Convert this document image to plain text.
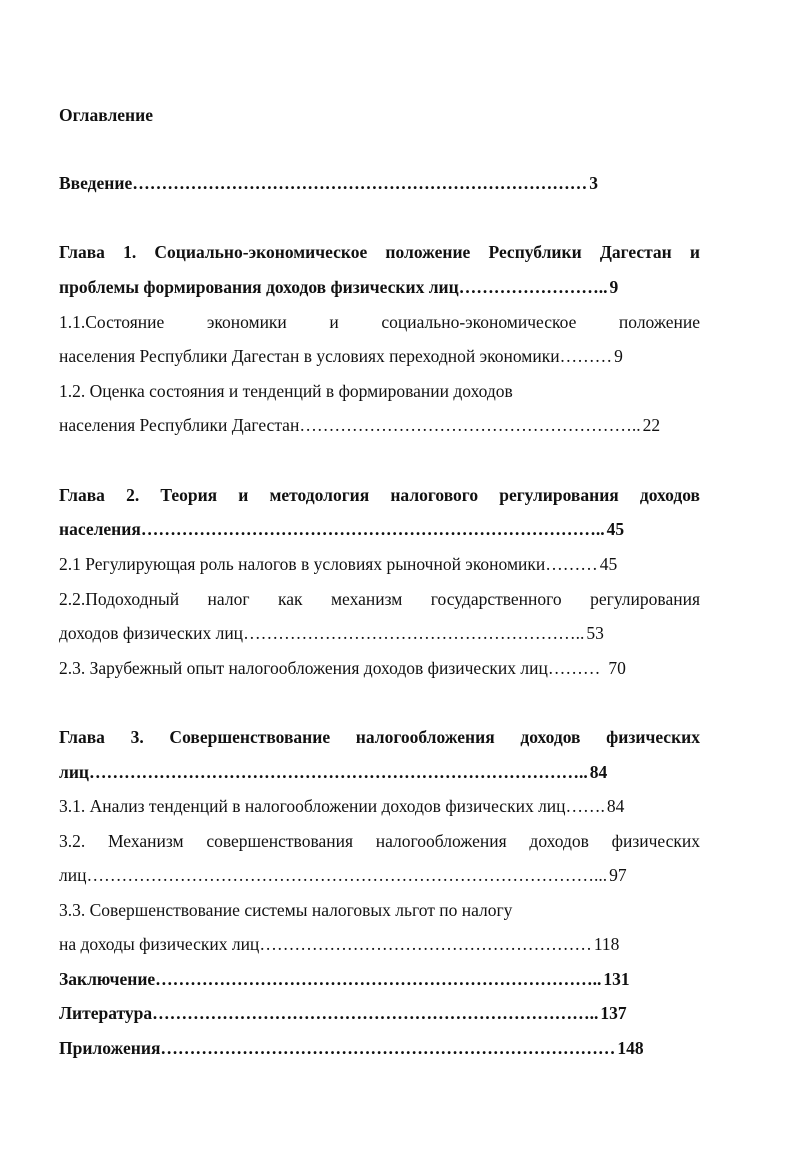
Оглавление
Введение…………………………………………………………………… 3
Глава 1. Социально-экономическое положение Республики Дагестан и
проблемы формирования доходов физических лиц…………………….. 9
1.1.Состояние экономики и социально-экономическое положение
населения Республики Дагестан в условиях переходной экономики……… 9
1.2. Оценка состояния и тенденций в формировании доходов
населения Республики Дагестан………………………………………………….. 22
Глава 2. Теория и методология налогового регулирования доходов
населения…………………………………………………………………….. 45
2.1 Регулирующая роль налогов в условиях рыночной экономики……… 45
2.2.Подоходный налог как механизм государственного регулирования
доходов физических лиц………………………………………………….. 53
2.3. Зарубежный опыт налогообложения доходов физических лиц……… 70
Глава 3. Совершенствование налогообложения доходов физических
лиц………………………………………………………………………….. 84
3.1. Анализ тенденций в налогообложении доходов физических лиц……. 84
3.2. Механизм совершенствования налогообложения доходов физических
лиц……………………………………………………………………………... 97
3.3. Совершенствование системы налоговых льгот по налогу
на доходы физических лиц………………………………………………… 118
Заключение………………………………………………………………….. 131
Литература………………………………………………………………….. 137
Приложения…………………………………………………………………… 148
